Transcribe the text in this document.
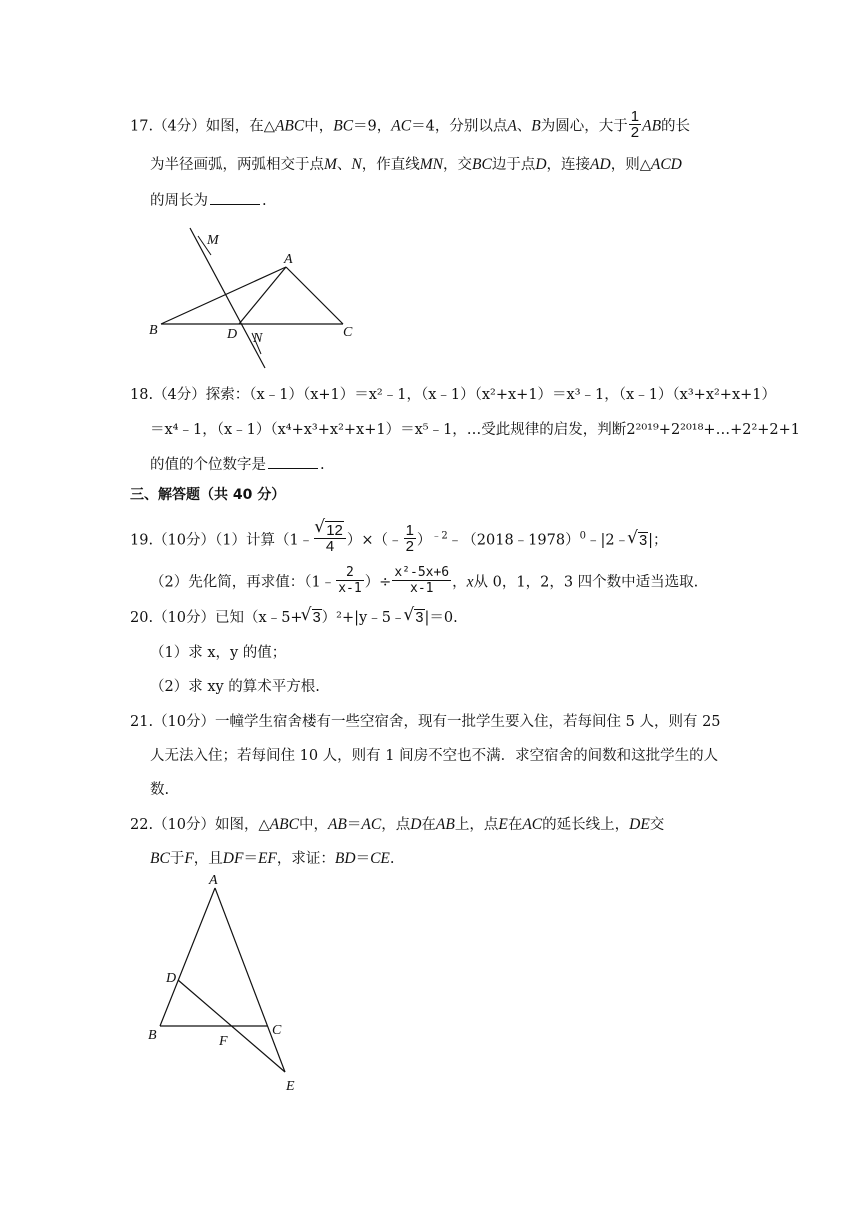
17.（4分）如图，在△ABC中，BC＝9，AC＝4，分别以点A、B为圆心，大于 $\frac{1}{2}$ AB的长
为半径画弧，两弧相交于点M、N，作直线MN，交BC边于点D，连接AD，则△ACD
的周长为	.
M
A
B	D N	C
18.（4分）探索：（x﹣1）（x+1）＝x²﹣1，（x﹣1）（x²+x+1）＝x³﹣1，（x﹣1）（x³+x²+x+1）
＝x⁴﹣1，（x﹣1）（x⁴+x³+x²+x+1）＝x⁵﹣1，…受此规律的启发，判断2²⁰¹⁹+2²⁰¹⁸+…+2²+2+1
的值的个位数字是	.
三、解答题（共 40 分）
19.（10分）（1）计算（1﹣ √ $\frac{12}{4}$ ）×（﹣ $\frac{1}{2}$ ）$^{﹣2}$﹣（2018﹣1978）$^0$﹣|2﹣ √ 3|；
（2）先化简，再求值：（1﹣ $\frac{2}{x-1}$ ）÷ $\frac{\text{x²-5x+6}}{x-1}$ ，x从 0，1，2，3 四个数中适当选取.
20.（10分）已知（x﹣5+ √ 3）²+|y﹣5﹣ √ 3|＝0.
（1）求 x，y 的值；
（2）求 xy 的算术平方根.
21.（10分）一幢学生宿舍楼有一些空宿舍，现有一批学生要入住，若每间住 5 人，则有 25
人无法入住；若每间住 10 人，则有 1 间房不空也不满．求空宿舍的间数和这批学生的人
数.
22.（10分）如图，△ABC中，AB＝AC，点D在AB上，点E在AC的延长线上，DE交
BC于F，且DF＝EF，求证：BD＝CE.
A
D
B	F
C
E
